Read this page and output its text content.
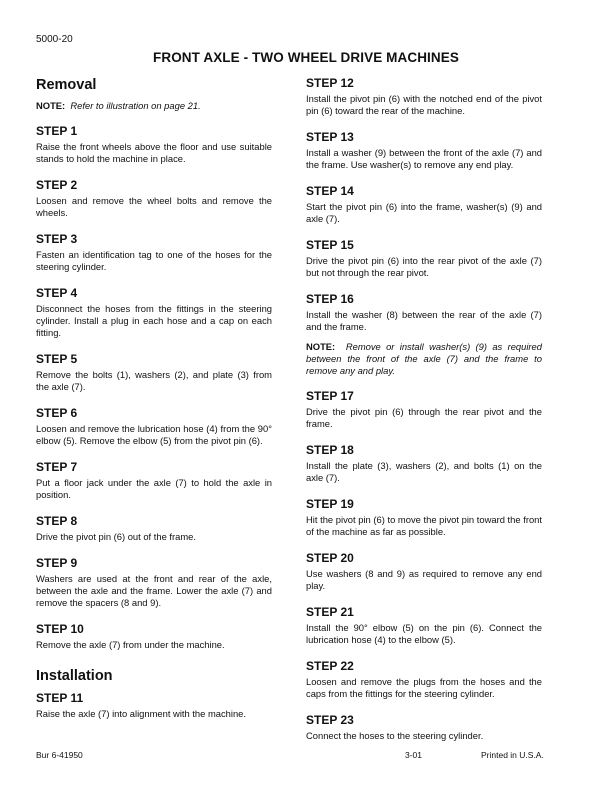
5000-20
FRONT AXLE - TWO WHEEL DRIVE MACHINES
Removal
NOTE: Refer to illustration on page 21.
STEP 1

Raise the front wheels above the floor and use suitable stands to hold the machine in place.

STEP 2

Loosen and remove the wheel bolts and remove the wheels.

STEP 3

Fasten an identification tag to one of the hoses for the steering cylinder.

STEP 4

Disconnect the hoses from the fittings in the steering cylinder. Install a plug in each hose and a cap on each fitting.

STEP 5

Remove the bolts (1), washers (2), and plate (3) from the axle (7).

STEP 6

Loosen and remove the lubrication hose (4) from the 90° elbow (5). Remove the elbow (5) from the pivot pin (6).

STEP 7

Put a floor jack under the axle (7) to hold the axle in position.

STEP 8

Drive the pivot pin (6) out of the frame.

STEP 9

Washers are used at the front and rear of the axle, between the axle and the frame. Lower the axle (7) and remove the spacers (8 and 9).

STEP 10

Remove the axle (7) from under the machine.

Installation
STEP 11

Raise the axle (7) into alignment with the machine.

STEP 12

Install the pivot pin (6) with the notched end of the pivot pin (6) toward the rear of the machine.

STEP 13

Install a washer (9) between the front of the axle (7) and the frame. Use washer(s) to remove any end play.

STEP 14

Start the pivot pin (6) into the frame, washer(s) (9) and axle (7).

STEP 15

Drive the pivot pin (6) into the rear pivot of the axle (7) but not through the rear pivot.

STEP 16

Install the washer (8) between the rear of the axle (7) and the frame.

NOTE: Remove or install washer(s) (9) as required between the front of the axle (7) and the frame to remove any and play.
STEP 17

Drive the pivot pin (6) through the rear pivot and the frame.

STEP 18

Install the plate (3), washers (2), and bolts (1) on the axle (7).

STEP 19

Hit the pivot pin (6) to move the pivot pin toward the front of the machine as far as possible.

STEP 20

Use washers (8 and 9) as required to remove any end play.

STEP 21

Install the 90° elbow (5) on the pin (6). Connect the lubrication hose (4) to the elbow (5).

STEP 22

Loosen and remove the plugs from the hoses and the caps from the fittings for the steering cylinder.

STEP 23

Connect the hoses to the steering cylinder.

Bur 6-41950	3-01	Printed in U.S.A.
